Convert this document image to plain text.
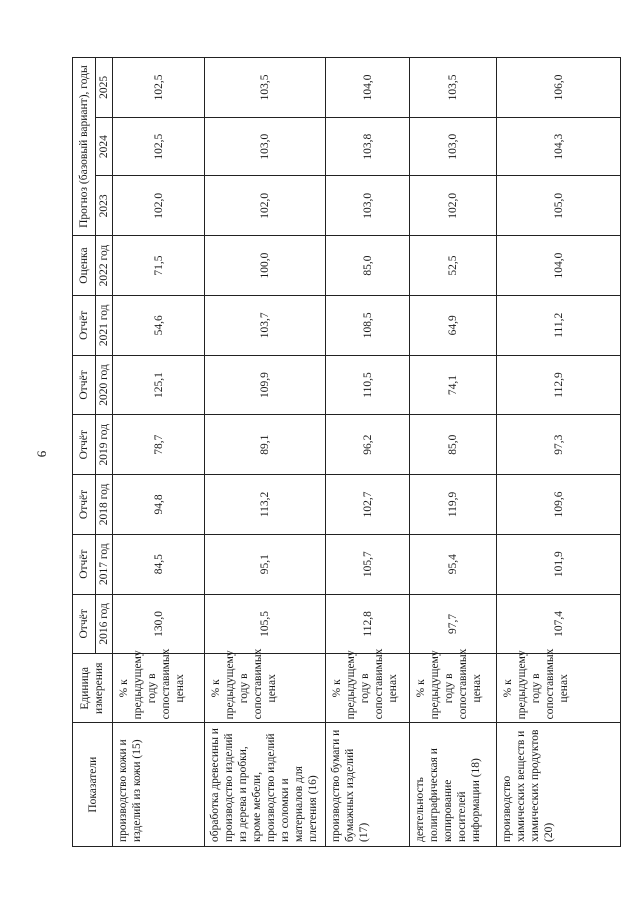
9
Показатели	Единица измерения	Отчёт	Отчёт	Отчёт	Отчёт	Отчёт	Отчёт	Оценка	Прогноз (базовый вариант), годы		
		2016 год	2017 год	2018 год	2019 год	2020 год	2021 год	2022 год	2023	2024	2025
производство кожи и изделий из кожи (15)	% к предыдущему году в сопоставимых ценах	130,0	84,5	94,8	78,7	125,1	54,6	71,5	102,0	102,5	102,5
обработка древесины и производство изделий из дерева и пробки, кроме мебели, производство изделий из соломки и материалов для плетения (16)	% к предыдущему году в сопоставимых ценах	105,5	95,1	113,2	89,1	109,9	103,7	100,0	102,0	103,0	103,5
производство бумаги и бумажных изделий (17)	% к предыдущему году в сопоставимых ценах	112,8	105,7	102,7	96,2	110,5	108,5	85,0	103,0	103,8	104,0
деятельность полиграфическая и копирование носителей информации (18)	% к предыдущему году в сопоставимых ценах	97,7	95,4	119,9	85,0	74,1	64,9	52,5	102,0	103,0	103,5
производство химических веществ и химических продуктов (20)	% к предыдущему году в сопоставимых ценах	107,4	101,9	109,6	97,3	112,9	111,2	104,0	105,0	104,3	106,0
